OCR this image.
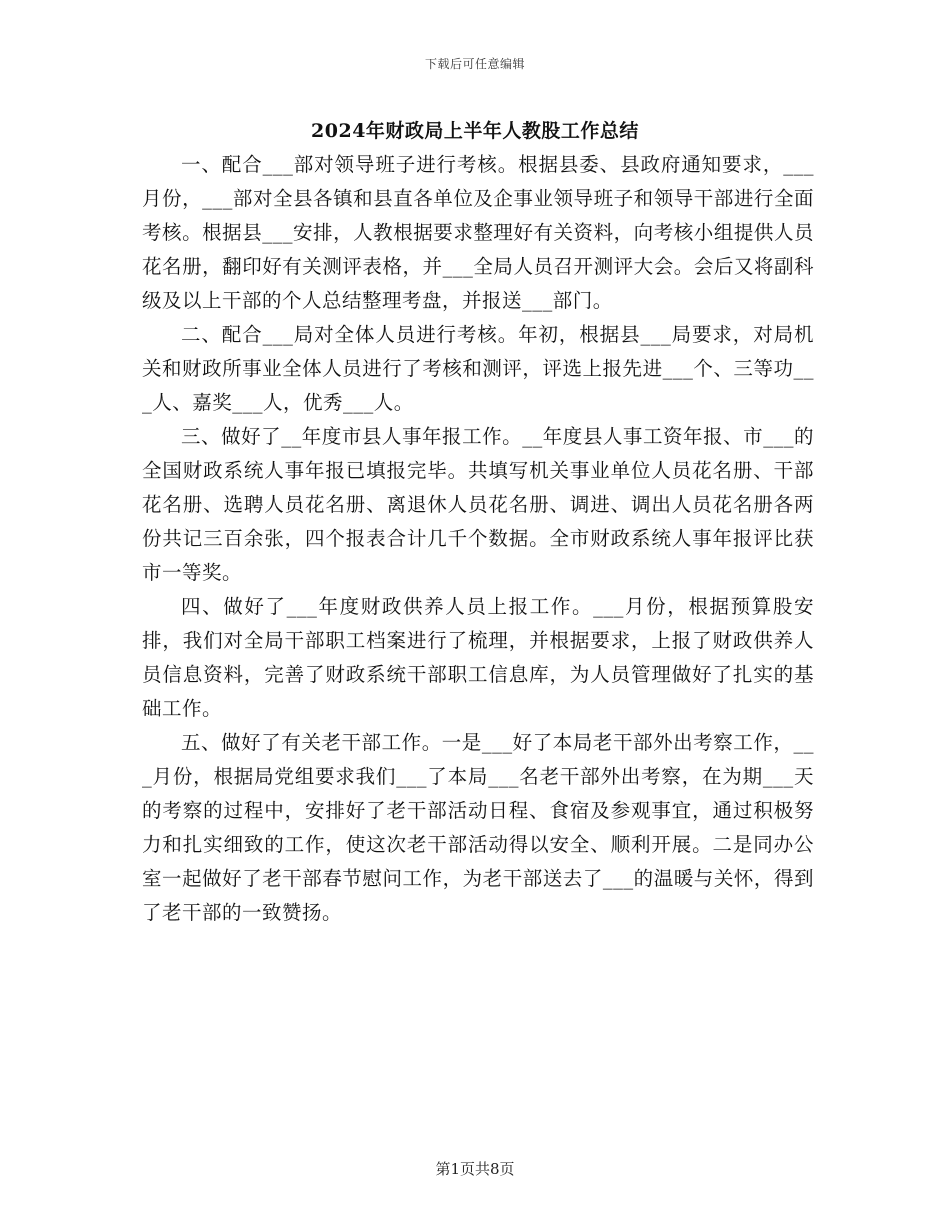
下载后可任意编辑
2024年财政局上半年人教股工作总结

一、配合___部对领导班子进行考核。根据县委、县政府通知要求，___月份，___部对全县各镇和县直各单位及企事业领导班子和领导干部进行全面考核。根据县___安排，人教根据要求整理好有关资料，向考核小组提供人员花名册，翻印好有关测评表格，并___全局人员召开测评大会。会后又将副科级及以上干部的个人总结整理考盘，并报送___部门。

二、配合___局对全体人员进行考核。年初，根据县___局要求，对局机关和财政所事业全体人员进行了考核和测评，评选上报先进___个、三等功___人、嘉奖___人，优秀___人。

三、做好了__年度市县人事年报工作。__年度县人事工资年报、市___的全国财政系统人事年报已填报完毕。共填写机关事业单位人员花名册、干部花名册、选聘人员花名册、离退休人员花名册、调进、调出人员花名册各两份共记三百余张，四个报表合计几千个数据。全市财政系统人事年报评比获市一等奖。

四、做好了___年度财政供养人员上报工作。___月份，根据预算股安排，我们对全局干部职工档案进行了梳理，并根据要求，上报了财政供养人员信息资料，完善了财政系统干部职工信息库，为人员管理做好了扎实的基础工作。

五、做好了有关老干部工作。一是___好了本局老干部外出考察工作，___月份，根据局党组要求我们___了本局___名老干部外出考察，在为期___天的考察的过程中，安排好了老干部活动日程、食宿及参观事宜，通过积极努力和扎实细致的工作，使这次老干部活动得以安全、顺利开展。二是同办公室一起做好了老干部春节慰问工作，为老干部送去了___的温暖与关怀，得到了老干部的一致赞扬。

第1页共8页
